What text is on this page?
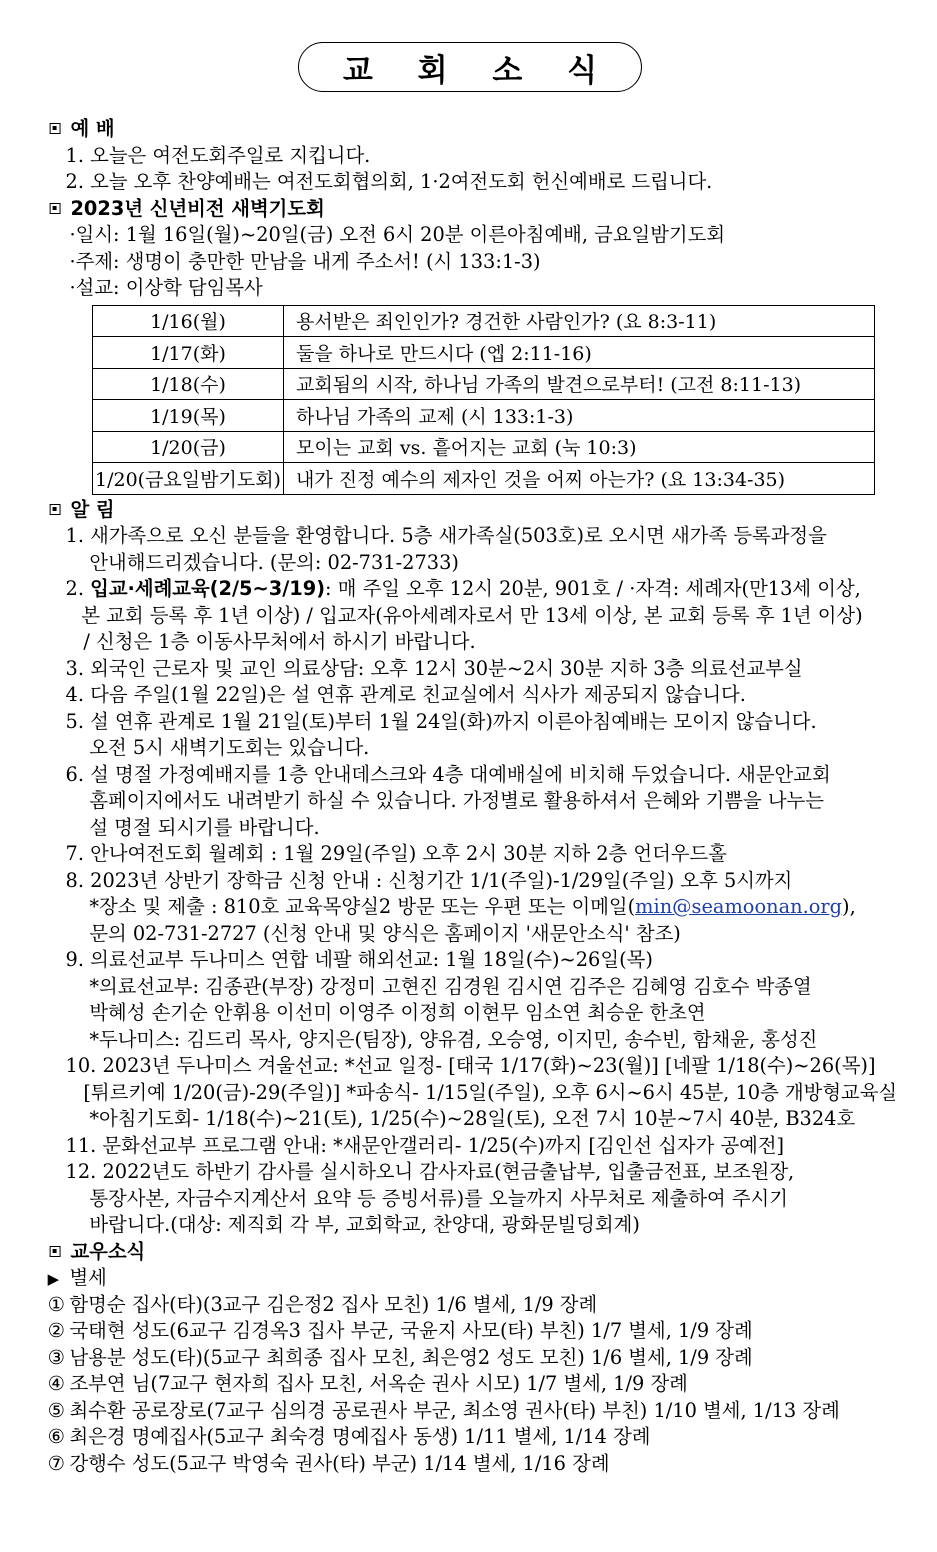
교 회 소 식
예 배
1. 오늘은 여전도회주일로 지킵니다.
2. 오늘 오후 찬양예배는 여전도회협의회, 1·2여전도회 헌신예배로 드립니다.
2023년 신년비전 새벽기도회
·일시: 1월 16일(월)~20일(금) 오전 6시 20분 이른아침예배, 금요일밤기도회
·주제: 생명이 충만한 만남을 내게 주소서! (시 133:1-3)
·설교: 이상학 담임목사
1/16(월)	용서받은 죄인인가? 경건한 사람인가? (요 8:3-11)
1/17(화)	둘을 하나로 만드시다 (엡 2:11-16)
1/18(수)	교회됨의 시작, 하나님 가족의 발견으로부터! (고전 8:11-13)
1/19(목)	하나님 가족의 교제 (시 133:1-3)
1/20(금)	모이는 교회 vs. 흩어지는 교회 (눅 10:3)
1/20(금요일밤기도회)	내가 진정 예수의 제자인 것을 어찌 아는가? (요 13:34-35)
알 림
1. 새가족으로 오신 분들을 환영합니다. 5층 새가족실(503호)로 오시면 새가족 등록과정을
안내해드리겠습니다. (문의: 02-731-2733)
2. 입교·세례교육(2/5~3/19): 매 주일 오후 12시 20분, 901호 / ·자격: 세례자(만13세 이상,
본 교회 등록 후 1년 이상) / 입교자(유아세례자로서 만 13세 이상, 본 교회 등록 후 1년 이상)
/ 신청은 1층 이동사무처에서 하시기 바랍니다.
3. 외국인 근로자 및 교인 의료상담: 오후 12시 30분~2시 30분 지하 3층 의료선교부실
4. 다음 주일(1월 22일)은 설 연휴 관계로 친교실에서 식사가 제공되지 않습니다.
5. 설 연휴 관계로 1월 21일(토)부터 1월 24일(화)까지 이른아침예배는 모이지 않습니다.
오전 5시 새벽기도회는 있습니다.
6. 설 명절 가정예배지를 1층 안내데스크와 4층 대예배실에 비치해 두었습니다. 새문안교회
홈페이지에서도 내려받기 하실 수 있습니다. 가정별로 활용하셔서 은혜와 기쁨을 나누는
설 명절 되시기를 바랍니다.
7. 안나여전도회 월례회 : 1월 29일(주일) 오후 2시 30분 지하 2층 언더우드홀
8. 2023년 상반기 장학금 신청 안내 : 신청기간 1/1(주일)-1/29일(주일) 오후 5시까지
*장소 및 제출 : 810호 교육목양실2 방문 또는 우편 또는 이메일(min@seamoonan.org),
문의 02-731-2727 (신청 안내 및 양식은 홈페이지 '새문안소식' 참조)
9. 의료선교부 두나미스 연합 네팔 해외선교: 1월 18일(수)~26일(목)
*의료선교부: 김종관(부장) 강정미 고현진 김경원 김시연 김주은 김혜영 김호수 박종열
박혜성 손기순 안휘용 이선미 이영주 이정희 이현무 임소연 최승운 한초연
*두나미스: 김드리 목사, 양지은(팀장), 양유겸, 오승영, 이지민, 송수빈, 함채윤, 홍성진
10. 2023년 두나미스 겨울선교: *선교 일정- [태국 1/17(화)~23(월)] [네팔 1/18(수)~26(목)]
[튀르키예 1/20(금)-29(주일)] *파송식- 1/15일(주일), 오후 6시~6시 45분, 10층 개방형교육실
*아침기도회- 1/18(수)~21(토), 1/25(수)~28일(토), 오전 7시 10분~7시 40분, B324호
11. 문화선교부 프로그램 안내: *새문안갤러리- 1/25(수)까지 [김인선 십자가 공예전]
12. 2022년도 하반기 감사를 실시하오니 감사자료(현금출납부, 입출금전표, 보조원장,
통장사본, 자금수지계산서 요약 등 증빙서류)를 오늘까지 사무처로 제출하여 주시기
바랍니다.(대상: 제직회 각 부, 교회학교, 찬양대, 광화문빌딩회계)
교우소식
▶ 별세
① 함명순 집사(타)(3교구 김은정2 집사 모친) 1/6 별세, 1/9 장례
② 국태현 성도(6교구 김경옥3 집사 부군, 국윤지 사모(타) 부친) 1/7 별세, 1/9 장례
③ 남용분 성도(타)(5교구 최희종 집사 모친, 최은영2 성도 모친) 1/6 별세, 1/9 장례
④ 조부연 님(7교구 현자희 집사 모친, 서옥순 권사 시모) 1/7 별세, 1/9 장례
⑤ 최수환 공로장로(7교구 심의경 공로권사 부군, 최소영 권사(타) 부친) 1/10 별세, 1/13 장례
⑥ 최은경 명예집사(5교구 최숙경 명예집사 동생) 1/11 별세, 1/14 장례
⑦ 강행수 성도(5교구 박영숙 권사(타) 부군) 1/14 별세, 1/16 장례
